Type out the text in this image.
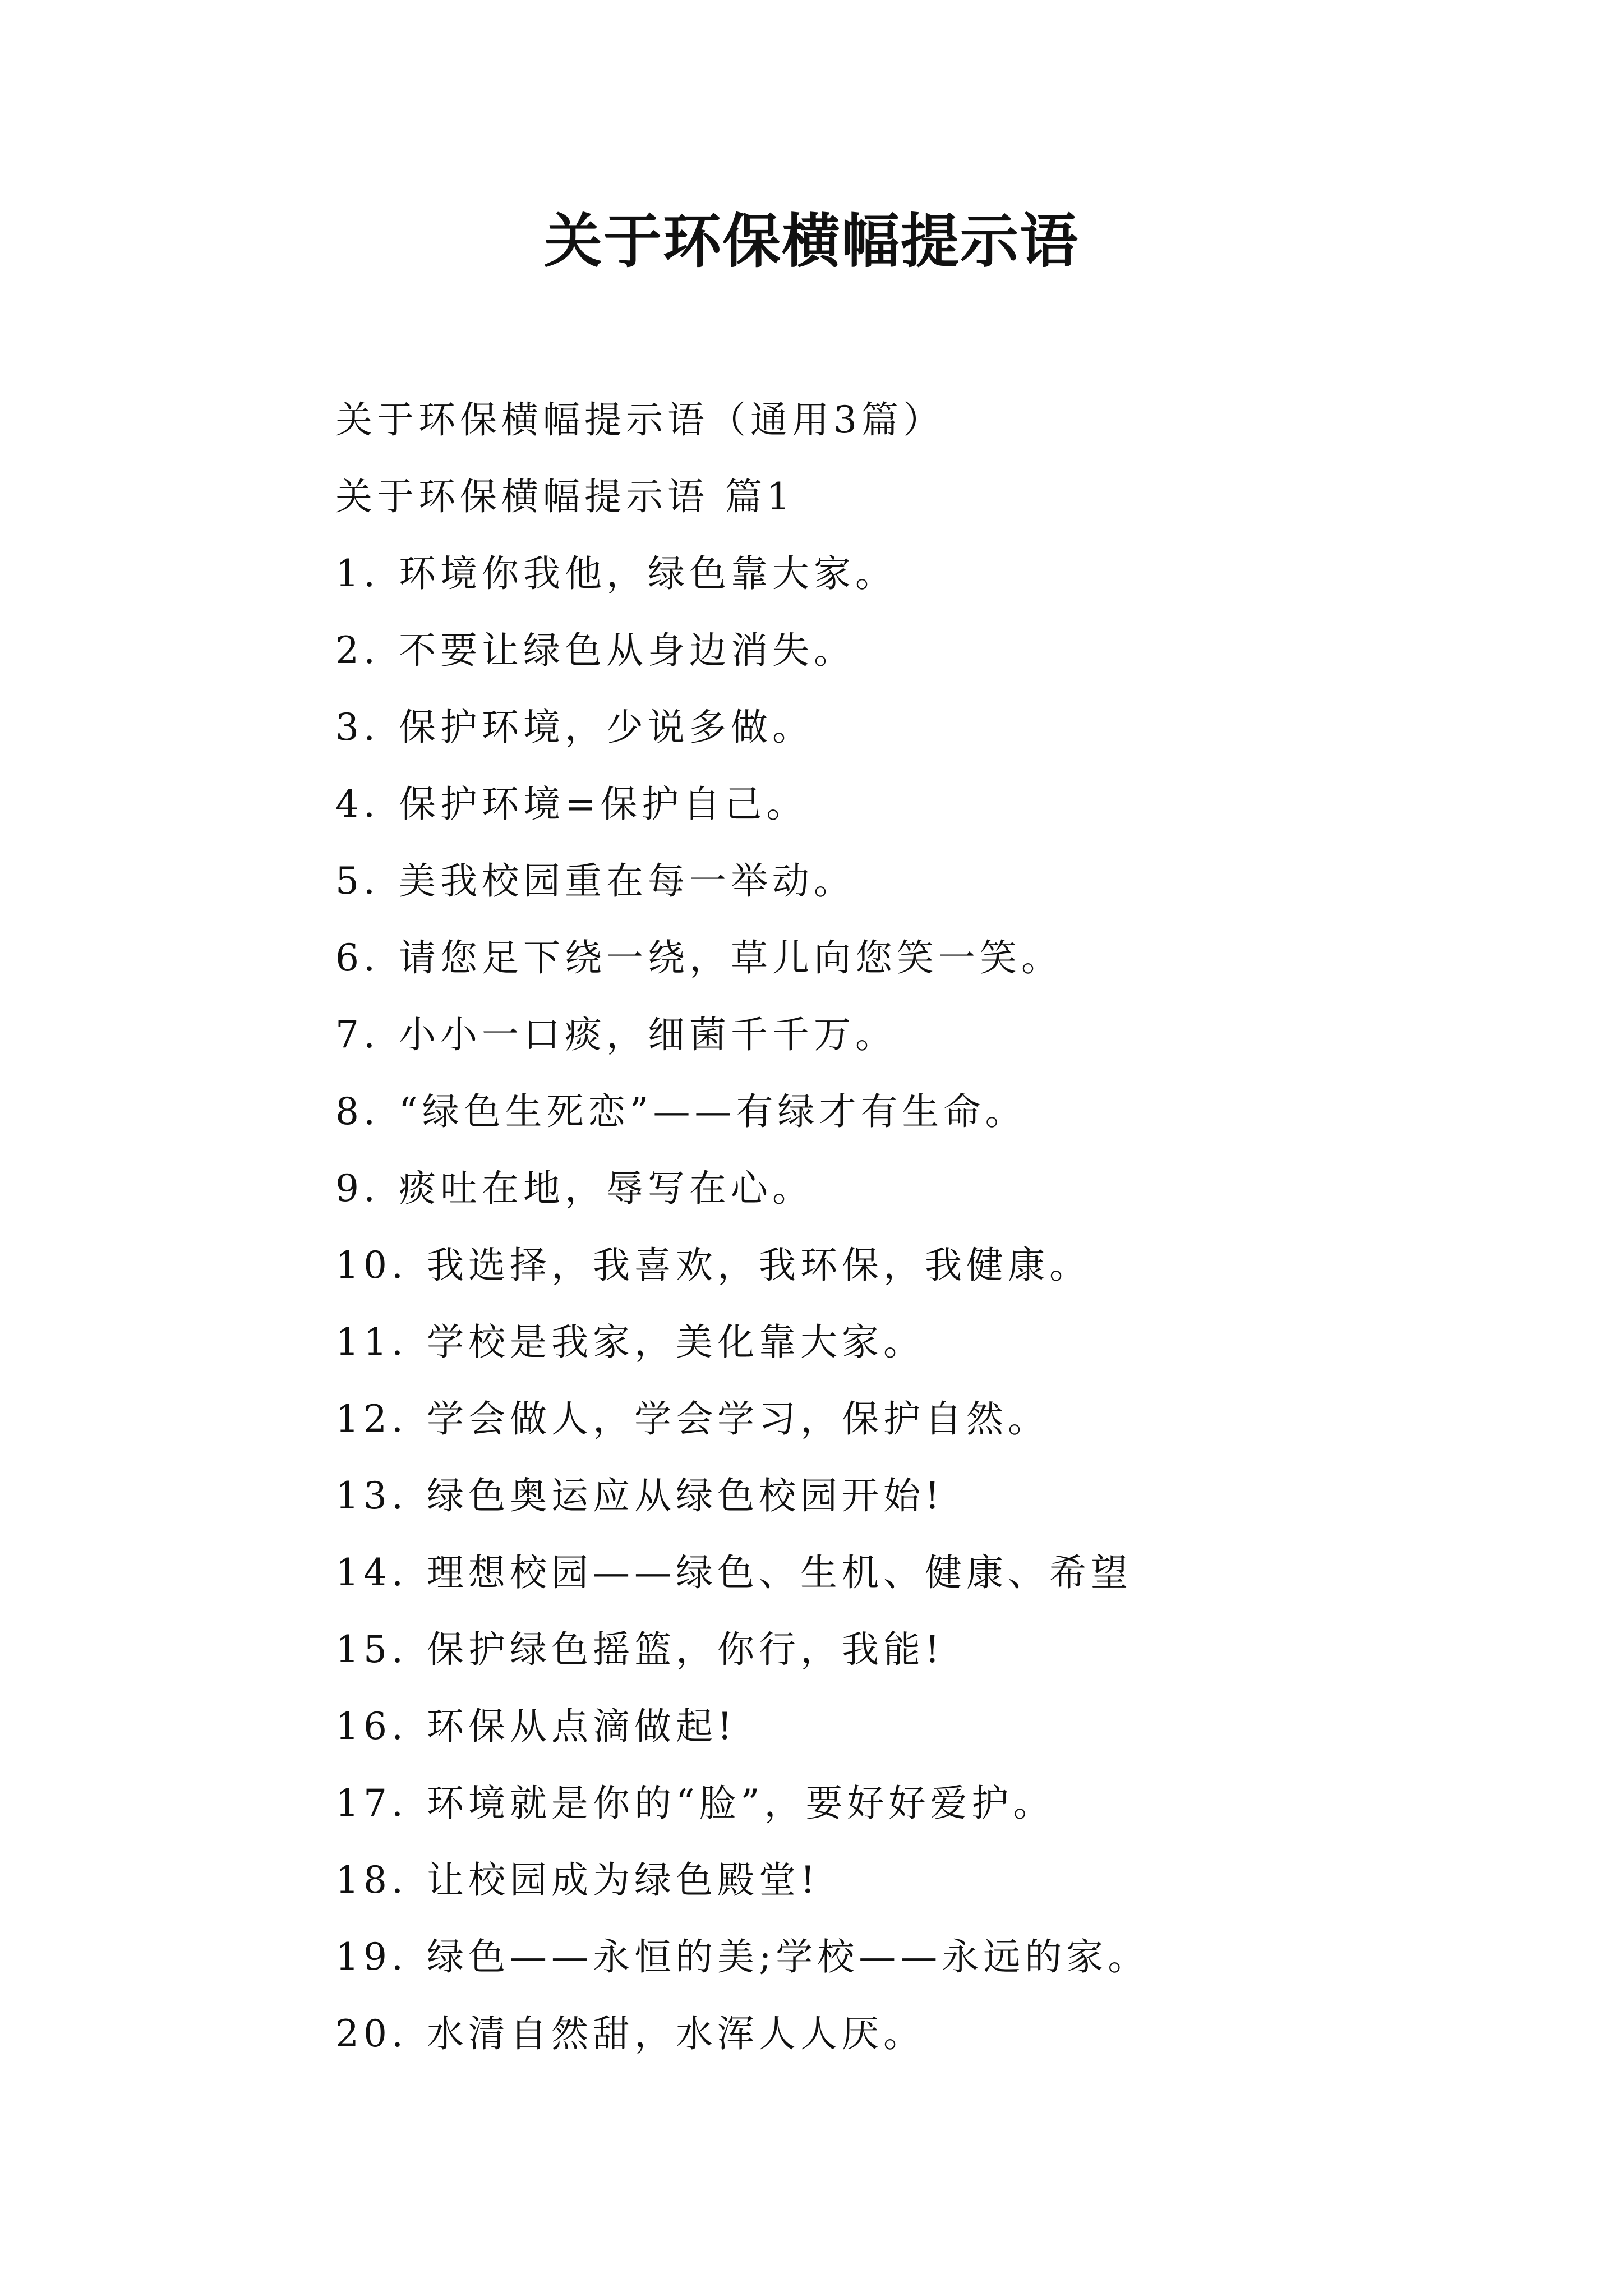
关于环保横幅提示语
关于环保横幅提示语（通用3篇）
关于环保横幅提示语 篇1
1. 环境你我他，绿色靠大家。
2. 不要让绿色从身边消失。
3. 保护环境，少说多做。
4. 保护环境=保护自己。
5. 美我校园重在每一举动。
6. 请您足下绕一绕，草儿向您笑一笑。
7. 小小一口痰，细菌千千万。
8. “绿色生死恋”——有绿才有生命。
9. 痰吐在地，辱写在心。
10. 我选择，我喜欢，我环保，我健康。
11. 学校是我家，美化靠大家。
12. 学会做人，学会学习，保护自然。
13. 绿色奥运应从绿色校园开始!
14. 理想校园——绿色、生机、健康、希望
15. 保护绿色摇篮，你行，我能!
16. 环保从点滴做起!
17. 环境就是你的“脸”，要好好爱护。
18. 让校园成为绿色殿堂!
19. 绿色——永恒的美;学校——永远的家。
20. 水清自然甜，水浑人人厌。
